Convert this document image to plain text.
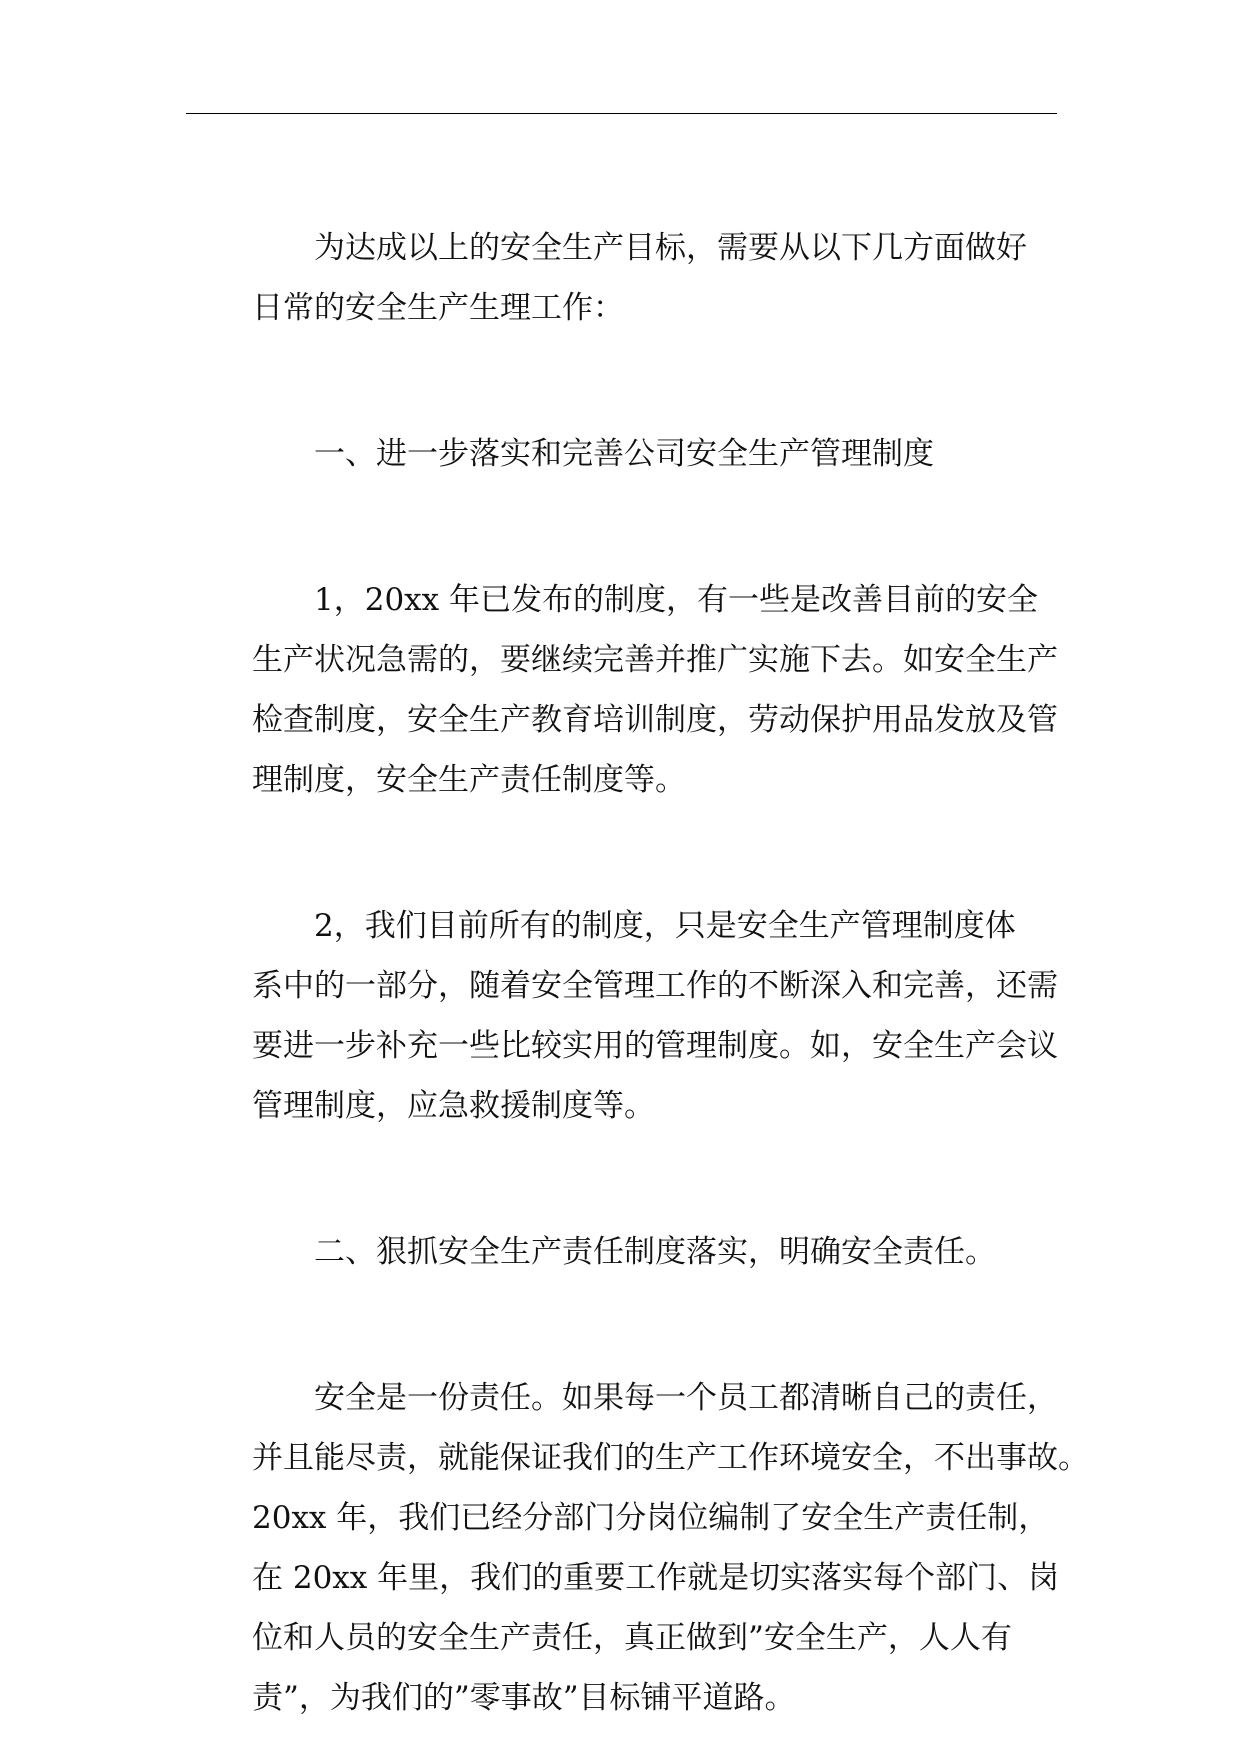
为达成以上的安全生产目标，需要从以下几方面做好
日常的安全生产生理工作：
一、进一步落实和完善公司安全生产管理制度
1，20xx 年已发布的制度，有一些是改善目前的安全
生产状况急需的，要继续完善并推广实施下去。如安全生产
检查制度，安全生产教育培训制度，劳动保护用品发放及管
理制度，安全生产责任制度等。
2，我们目前所有的制度，只是安全生产管理制度体
系中的一部分，随着安全管理工作的不断深入和完善，还需
要进一步补充一些比较实用的管理制度。如，安全生产会议
管理制度，应急救援制度等。
二、狠抓安全生产责任制度落实，明确安全责任。
安全是一份责任。如果每一个员工都清晰自己的责任，
并且能尽责，就能保证我们的生产工作环境安全，不出事故。
20xx 年，我们已经分部门分岗位编制了安全生产责任制，
在 20xx 年里，我们的重要工作就是切实落实每个部门、岗
位和人员的安全生产责任，真正做到”安全生产，人人有
责”，为我们的”零事故”目标铺平道路。
